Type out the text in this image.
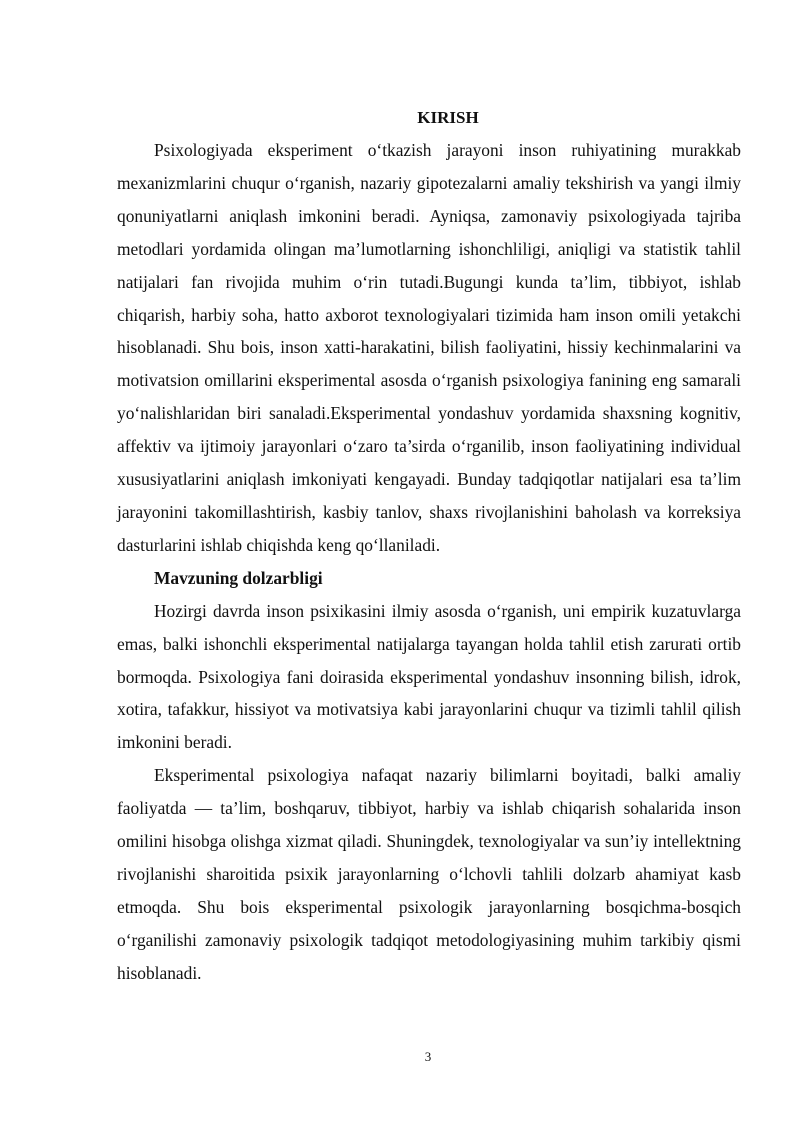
KIRISH

Psixologiyada eksperiment o‘tkazish jarayoni inson ruhiyatining murakkab mexanizmlarini chuqur o‘rganish, nazariy gipotezalarni amaliy tekshirish va yangi ilmiy qonuniyatlarni aniqlash imkonini beradi. Ayniqsa, zamonaviy psixologiyada tajriba metodlari yordamida olingan ma’lumotlarning ishonchliligi, aniqligi va statistik tahlil natijalari fan rivojida muhim o‘rin tutadi.Bugungi kunda ta’lim, tibbiyot, ishlab chiqarish, harbiy soha, hatto axborot texnologiyalari tizimida ham inson omili yetakchi hisoblanadi. Shu bois, inson xatti-harakatini, bilish faoliyatini, hissiy kechinmalarini va motivatsion omillarini eksperimental asosda o‘rganish psixologiya fanining eng samarali yo‘nalishlaridan biri sanaladi.Eksperimental yondashuv yordamida shaxsning kognitiv, affektiv va ijtimoiy jarayonlari o‘zaro ta’sirda o‘rganilib, inson faoliyatining individual xususiyatlarini aniqlash imkoniyati kengayadi. Bunday tadqiqotlar natijalari esa ta’lim jarayonini takomillashtirish, kasbiy tanlov, shaxs rivojlanishini baholash va korreksiya dasturlarini ishlab chiqishda keng qo‘llaniladi.

Mavzuning dolzarbligi

Hozirgi davrda inson psixikasini ilmiy asosda o‘rganish, uni empirik kuzatuvlarga emas, balki ishonchli eksperimental natijalarga tayangan holda tahlil etish zarurati ortib bormoqda. Psixologiya fani doirasida eksperimental yondashuv insonning bilish, idrok, xotira, tafakkur, hissiyot va motivatsiya kabi jarayonlarini chuqur va tizimli tahlil qilish imkonini beradi.

Eksperimental psixologiya nafaqat nazariy bilimlarni boyitadi, balki amaliy faoliyatda — ta’lim, boshqaruv, tibbiyot, harbiy va ishlab chiqarish sohalarida inson omilini hisobga olishga xizmat qiladi. Shuningdek, texnologiyalar va sun’iy intellektning rivojlanishi sharoitida psixik jarayonlarning o‘lchovli tahlili dolzarb ahamiyat kasb etmoqda. Shu bois eksperimental psixologik jarayonlarning bosqichma-bosqich o‘rganilishi zamonaviy psixologik tadqiqot metodologiyasining muhim tarkibiy qismi hisoblanadi.

3
